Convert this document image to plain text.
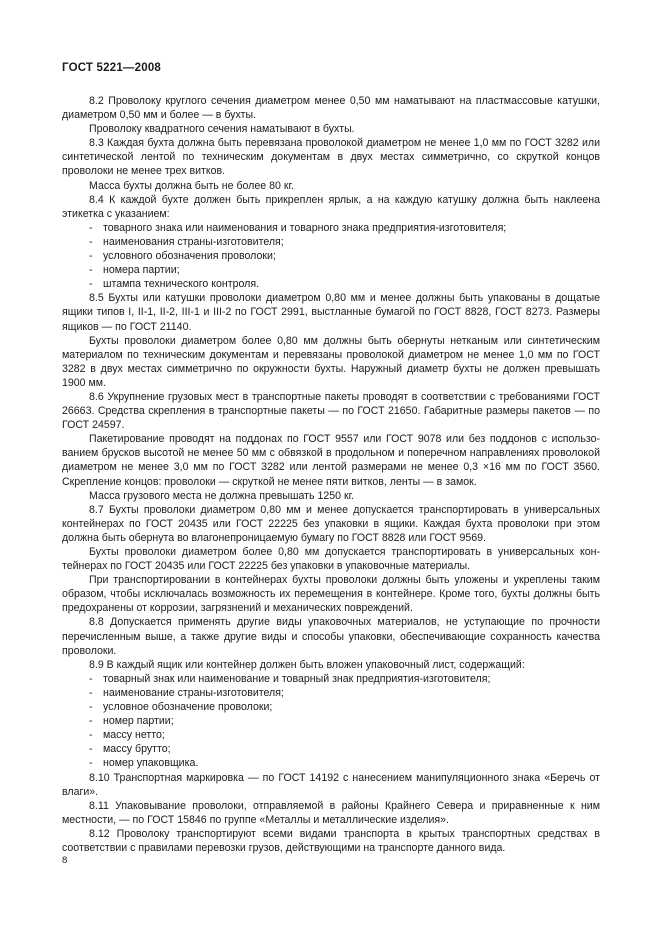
ГОСТ 5221—2008

8.2 Проволоку круглого сечения диаметром менее 0,50 мм наматывают на пластмассовые катушки, диаметром 0,50 мм и более — в бухты.

Проволоку квадратного сечения наматывают в бухты.

8.3 Каждая бухта должна быть перевязана проволокой диаметром не менее 1,0 мм по ГОСТ 3282 или синтетической лентой по техническим документам в двух местах симметрично, со скруткой концов проволоки не менее трех витков.

Масса бухты должна быть не более 80 кг.

8.4 К каждой бухте должен быть прикреплен ярлык, а на каждую катушку должна быть наклеена этикетка с указанием:

- товарного знака или наименования и товарного знака предприятия-изготовителя;
- наименования страны-изготовителя;
- условного обозначения проволоки;
- номера партии;
- штампа технического контроля.

8.5 Бухты или катушки проволоки диаметром 0,80 мм и менее должны быть упакованы в дощатые ящики типов I, II-1, II-2, III-1 и III-2 по ГОСТ 2991, выстланные бумагой по ГОСТ 8828, ГОСТ 8273. Размеры ящиков — по ГОСТ 21140.

Бухты проволоки диаметром более 0,80 мм должны быть обернуты нетканым или синтетическим материалом по техническим документам и перевязаны проволокой диаметром не менее 1,0 мм по ГОСТ 3282 в двух местах симметрично по окружности бухты. Наружный диаметр бухты не должен превышать 1900 мм.

8.6 Укрупнение грузовых мест в транспортные пакеты проводят в соответствии с требованиями ГОСТ 26663. Средства скрепления в транспортные пакеты — по ГОСТ 21650. Габаритные размеры пакетов — по ГОСТ 24597.

Пакетирование проводят на поддонах по ГОСТ 9557 или ГОСТ 9078 или без поддонов с использованием брусков высотой не менее 50 мм с обвязкой в продольном и поперечном направлениях проволокой диаметром не менее 3,0 мм по ГОСТ 3282 или лентой размерами не менее 0,3 ×16 мм по ГОСТ 3560. Скрепление концов: проволоки — скруткой не менее пяти витков, ленты — в замок.

Масса грузового места не должна превышать 1250 кг.

8.7 Бухты проволоки диаметром 0,80 мм и менее допускается транспортировать в универсальных контейнерах по ГОСТ 20435 или ГОСТ 22225 без упаковки в ящики. Каждая бухта проволоки при этом должна быть обернута во влагонепроницаемую бумагу по ГОСТ 8828 или ГОСТ 9569.

Бухты проволоки диаметром более 0,80 мм допускается транспортировать в универсальных контейнерах по ГОСТ 20435 или ГОСТ 22225 без упаковки в упаковочные материалы.

При транспортировании в контейнерах бухты проволоки должны быть уложены и укреплены таким образом, чтобы исключалась возможность их перемещения в контейнере. Кроме того, бухты должны быть предохранены от коррозии, загрязнений и механических повреждений.

8.8 Допускается применять другие виды упаковочных материалов, не уступающие по прочности перечисленным выше, а также другие виды и способы упаковки, обеспечивающие сохранность качества проволоки.

8.9 В каждый ящик или контейнер должен быть вложен упаковочный лист, содержащий:

- товарный знак или наименование и товарный знак предприятия-изготовителя;
- наименование страны-изготовителя;
- условное обозначение проволоки;
- номер партии;
- массу нетто;
- массу брутто;
- номер упаковщика.

8.10 Транспортная маркировка — по ГОСТ 14192 с нанесением манипуляционного знака «Беречь от влаги».

8.11 Упаковывание проволоки, отправляемой в районы Крайнего Севера и приравненные к ним местности, — по ГОСТ 15846 по группе «Металлы и металлические изделия».

8.12 Проволоку транспортируют всеми видами транспорта в крытых транспортных средствах в соответствии с правилами перевозки грузов, действующими на транспорте данного вида.

8
